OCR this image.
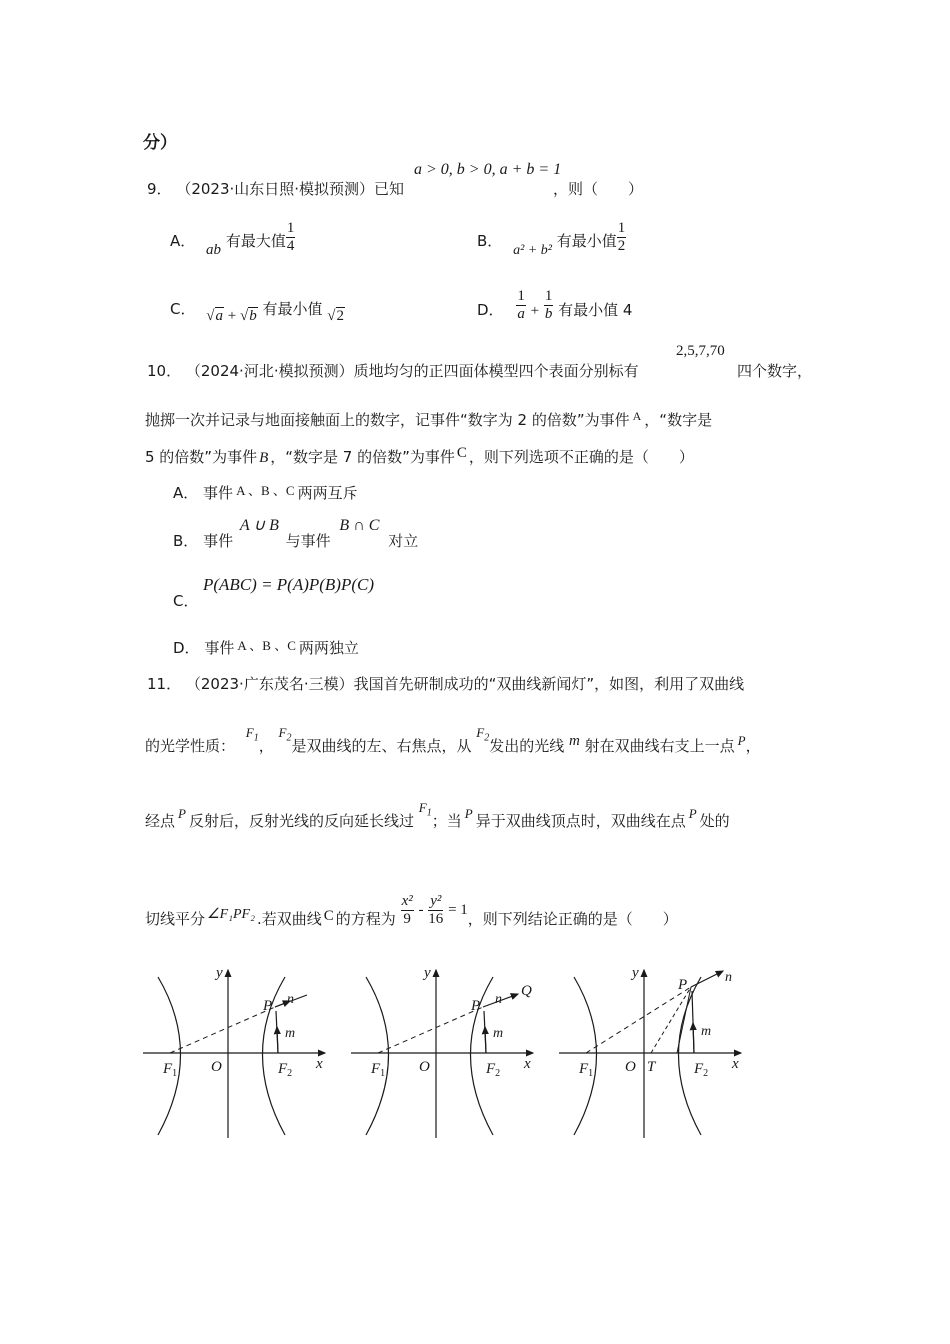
分）
9． （2023·山东日照·模拟预测）已知
a > 0, b > 0, a + b = 1
，则（　　）
A． ab 有最大值 $\frac{1}{4}$	B． a² + b² 有最小值 $\frac{1}{2}$
C． √a + √b 有最小值 √2	D． $\frac{1}{a} + \frac{1}{b}$ 有最小值 4
10． （2024·河北·模拟预测）质地均匀的正四面体模型四个表面分别标有
2,5,7,70
四个数字，
抛掷一次并记录与地面接触面上的数字，记事件“数字为 2 的倍数”为事件 $^A$ ，“数字是
5 的倍数”为事件 B ，“数字是 7 的倍数”为事件 C ，则下列选项不正确的是（　　）
A． 事件 A 、B 、C 两两互斥
B． 事件 A ∪ B 与事件 B ∩ C 对立
C．
P(ABC) = P(A)P(B)P(C)
D． 事件 A 、B 、C 两两独立
11． （2023·广东茂名·三模）我国首先研制成功的“双曲线新闻灯”，如图，利用了双曲线
的光学性质： $F_1$， $F_2$是双曲线的左、右焦点，从 $F_2$发出的光线 m 射在双曲线右支上一点 P，
经点 P 反射后，反射光线的反向延长线过 $F_1$；当 P 异于双曲线顶点时，双曲线在点 P 处的
切线平分 ∠F₁PF₂ .若双曲线 C 的方程为 $\frac{\text{x²}}{9} - \frac{\text{y²}}{16} = 1$，则下列结论正确的是（　　）
y
x
O
$F_1$	$F_2$
P n
m
y
x
O
$F_1$	$F_2$
P n
Q
m
y
x
O T
$F_1$	$F_2$
P	n
m
